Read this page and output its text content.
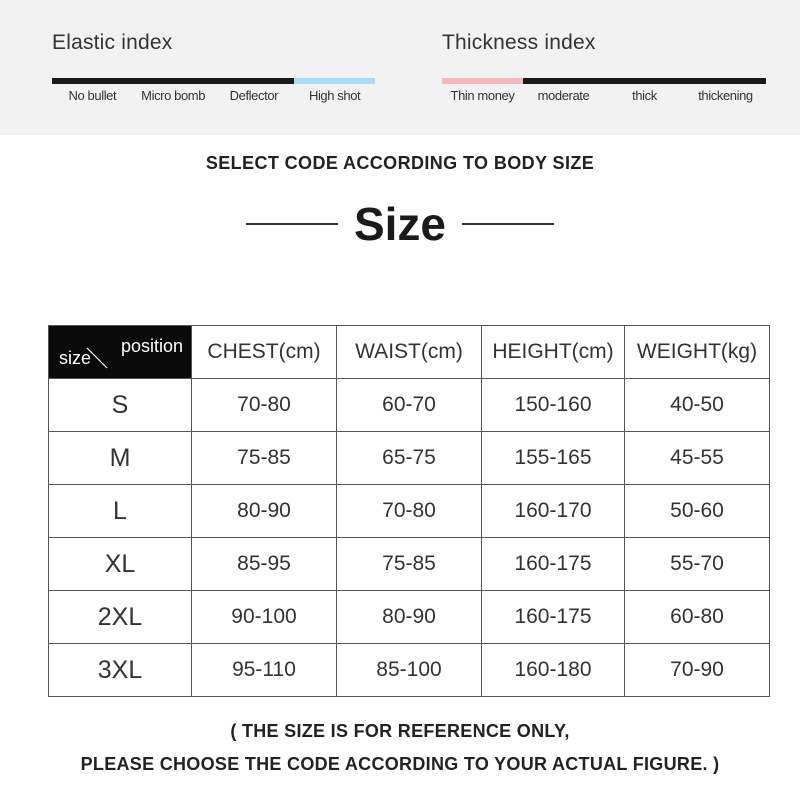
Elastic index
No bullet	Micro bomb	Deflector	High shot
Thickness index
Thin money	moderate	thick	thickening
SELECT CODE ACCORDING TO BODY SIZE
Size
position
size	CHEST(cm)	WAIST(cm)	HEIGHT(cm)	WEIGHT(kg)
S	70-80	60-70	150-160	40-50
M	75-85	65-75	155-165	45-55
L	80-90	70-80	160-170	50-60
XL	85-95	75-85	160-175	55-70
2XL	90-100	80-90	160-175	60-80
3XL	95-110	85-100	160-180	70-90
( THE SIZE IS FOR REFERENCE ONLY,
PLEASE CHOOSE THE CODE ACCORDING TO YOUR ACTUAL FIGURE. )
